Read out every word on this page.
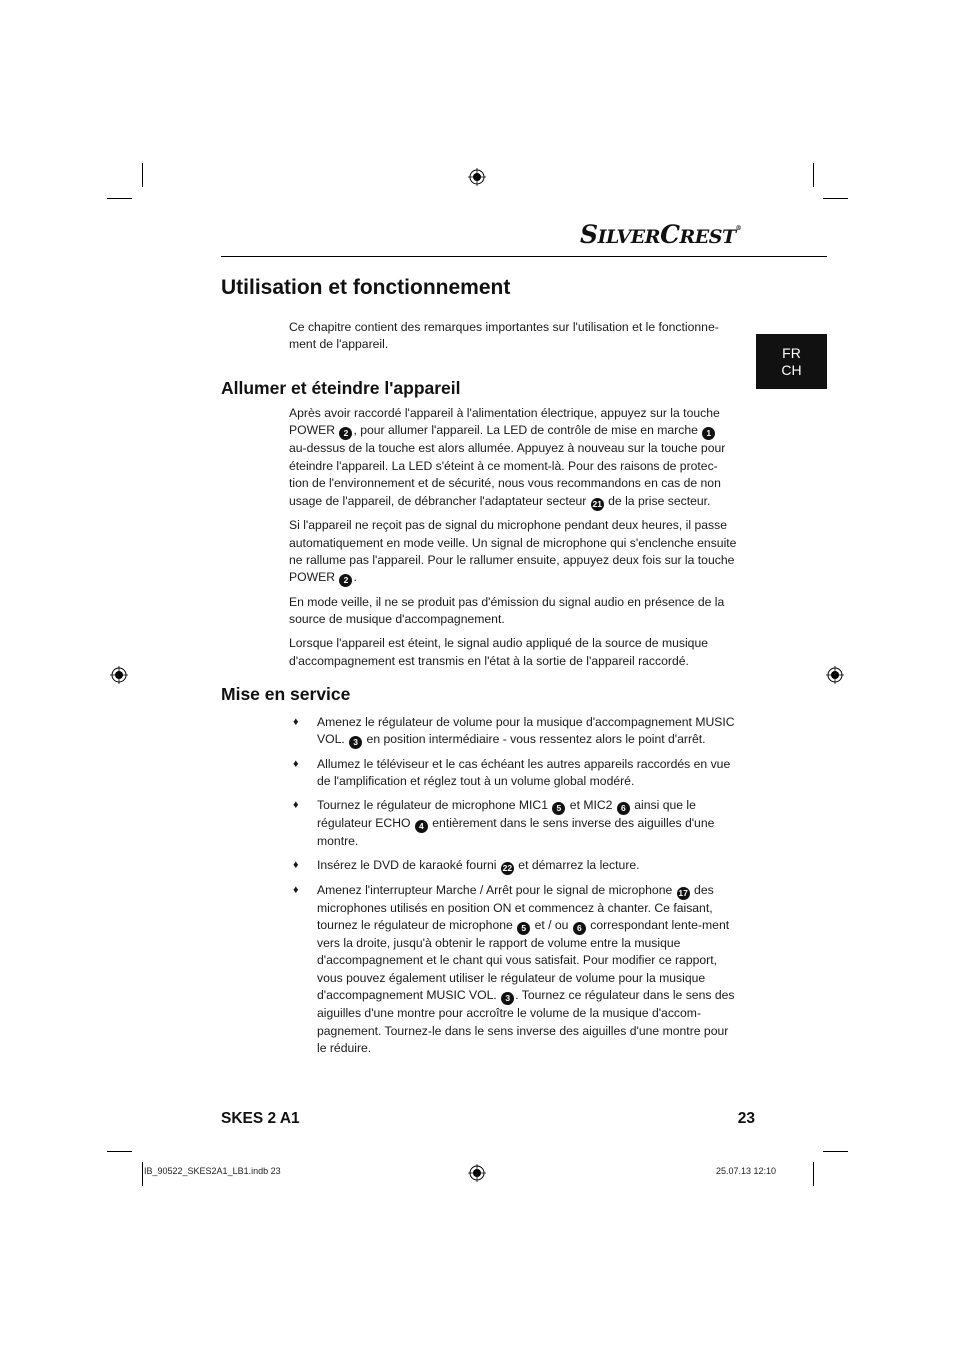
SILVERCREST®
FR
CH
Utilisation et fonctionnement

Ce chapitre contient des remarques importantes sur l'utilisation et le fonctionne-ment de l'appareil.

Allumer et éteindre l'appareil

Après avoir raccordé l'appareil à l'alimentation électrique, appuyez sur la touche POWER 2 , pour allumer l'appareil. La LED de contrôle de mise en marche 1 au-dessus de la touche est alors allumée. Appuyez à nouveau sur la touche pour éteindre l'appareil. La LED s'éteint à ce moment-là. Pour des raisons de protec-tion de l'environnement et de sécurité, nous vous recommandons en cas de non usage de l'appareil, de débrancher l'adaptateur secteur 21 de la prise secteur.

Si l'appareil ne reçoit pas de signal du microphone pendant deux heures, il passe automatiquement en mode veille. Un signal de microphone qui s'enclenche ensuite ne rallume pas l'appareil. Pour le rallumer ensuite, appuyez deux fois sur la touche POWER 2 .

En mode veille, il ne se produit pas d'émission du signal audio en présence de la source de musique d'accompagnement.

Lorsque l'appareil est éteint, le signal audio appliqué de la source de musique d'accompagnement est transmis en l'état à la sortie de l'appareil raccordé.

Mise en service
♦ Amenez le régulateur de volume pour la musique d'accompagnement MUSIC VOL. 3 en position intermédiaire - vous ressentez alors le point d'arrêt.
♦ Allumez le téléviseur et le cas échéant les autres appareils raccordés en vue de l'amplification et réglez tout à un volume global modéré.
♦ Tournez le régulateur de microphone MIC1 5 et MIC2 6 ainsi que le régulateur ECHO 4 entièrement dans le sens inverse des aiguilles d'une montre.
♦ Insérez le DVD de karaoké fourni 22 et démarrez la lecture.
♦ Amenez l'interrupteur Marche / Arrêt pour le signal de microphone 17 des microphones utilisés en position ON et commencez à chanter. Ce faisant, tournez le régulateur de microphone 5 et / ou 6 correspondant lente-ment vers la droite, jusqu'à obtenir le rapport de volume entre la musique d'accompagnement et le chant qui vous satisfait. Pour modifier ce rapport, vous pouvez également utiliser le régulateur de volume pour la musique d'accompagnement MUSIC VOL. 3 . Tournez ce régulateur dans le sens des aiguilles d'une montre pour accroître le volume de la musique d'accom-pagnement. Tournez-le dans le sens inverse des aiguilles d'une montre pour le réduire.
SKES 2 A1	23
IB_90522_SKES2A1_LB1.indb 23	25.07.13 12:10
